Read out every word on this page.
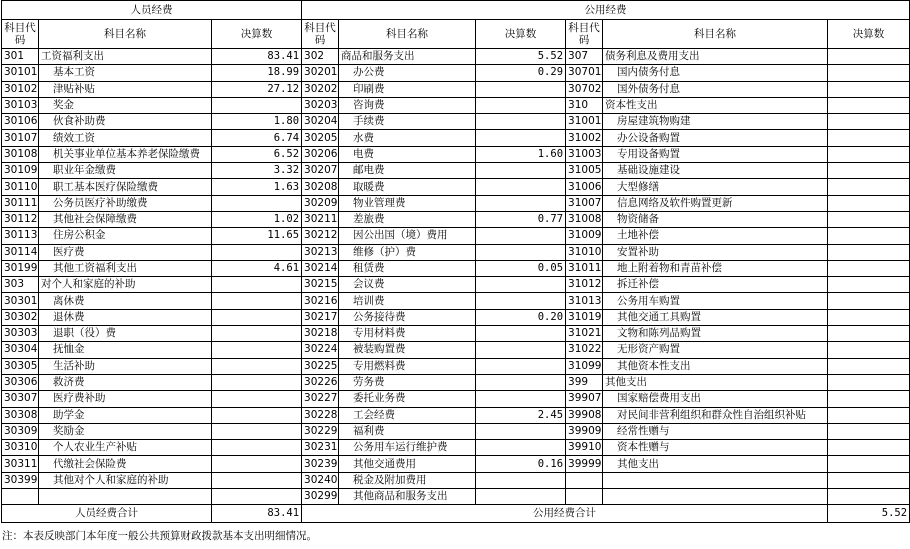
人员经费			公用经费					
科目代码	科目名称	决算数	科目代码	科目名称	决算数	科目代码	科目名称	决算数
301	工资福利支出	83.41	302	商品和服务支出	5.52	307	债务利息及费用支出	
30101	基本工资	18.99	30201	办公费	0.29	30701	国内债务付息	
30102	津贴补贴	27.12	30202	印刷费		30702	国外债务付息	
30103	奖金		30203	咨询费		310	资本性支出	
30106	伙食补助费	1.80	30204	手续费		31001	房屋建筑物购建	
30107	绩效工资	6.74	30205	水费		31002	办公设备购置	
30108	机关事业单位基本养老保险缴费	6.52	30206	电费	1.60	31003	专用设备购置	
30109	职业年金缴费	3.32	30207	邮电费		31005	基础设施建设	
30110	职工基本医疗保险缴费	1.63	30208	取暖费		31006	大型修缮	
30111	公务员医疗补助缴费		30209	物业管理费		31007	信息网络及软件购置更新	
30112	其他社会保障缴费	1.02	30211	差旅费	0.77	31008	物资储备	
30113	住房公积金	11.65	30212	因公出国（境）费用		31009	土地补偿	
30114	医疗费		30213	维修（护）费		31010	安置补助	
30199	其他工资福利支出	4.61	30214	租赁费	0.05	31011	地上附着物和青苗补偿	
303	对个人和家庭的补助		30215	会议费		31012	拆迁补偿	
30301	离休费		30216	培训费		31013	公务用车购置	
30302	退休费		30217	公务接待费	0.20	31019	其他交通工具购置	
30303	退职（役）费		30218	专用材料费		31021	文物和陈列品购置	
30304	抚恤金		30224	被装购置费		31022	无形资产购置	
30305	生活补助		30225	专用燃料费		31099	其他资本性支出	
30306	救济费		30226	劳务费		399	其他支出	
30307	医疗费补助		30227	委托业务费		39907	国家赔偿费用支出	
30308	助学金		30228	工会经费	2.45	39908	对民间非营利组织和群众性自治组织补贴	
30309	奖励金		30229	福利费		39909	经常性赠与	
30310	个人农业生产补贴		30231	公务用车运行维护费		39910	资本性赠与	
30311	代缴社会保险费		30239	其他交通费用	0.16	39999	其他支出	
30399	其他对个人和家庭的补助		30240	税金及附加费用				
			30299	其他商品和服务支出				
人员经费合计		83.41	公用经费合计					5.52
注：本表反映部门本年度一般公共预算财政拨款基本支出明细情况。
